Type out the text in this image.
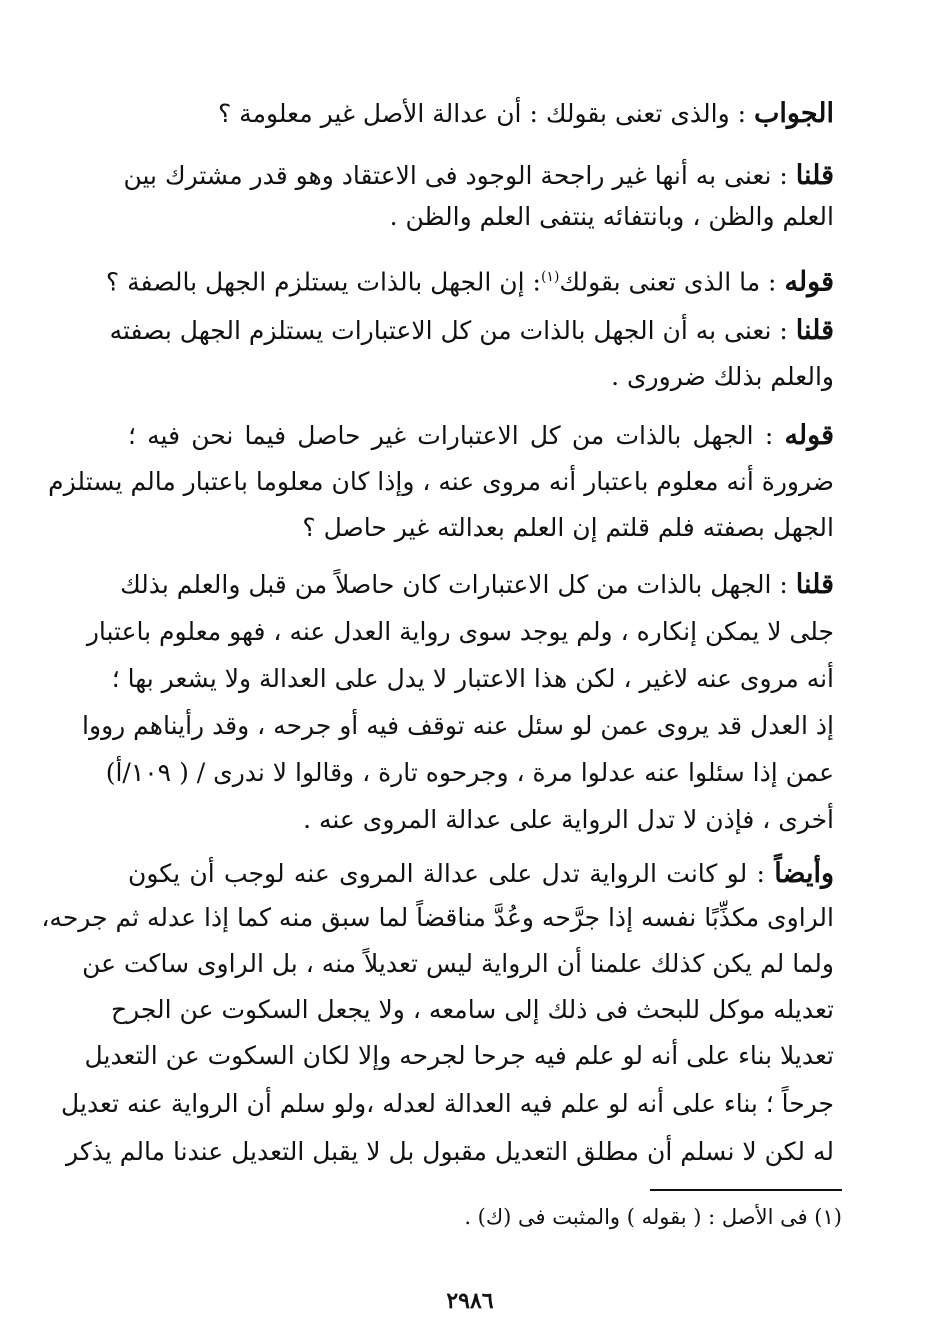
الجواب : والذى تعنى بقولك : أن عدالة الأصل غير معلومة ؟
قلنا : نعنى به أنها غير راجحة الوجود فى الاعتقاد وهو قدر مشترك بين
العلم والظن ، وبانتفائه ينتفى العلم والظن .
قوله : ما الذى تعنى بقولك$^{(١)}$: إن الجهل بالذات يستلزم الجهل بالصفة ؟
قلنا : نعنى به أن الجهل بالذات من كل الاعتبارات يستلزم الجهل بصفته
والعلم بذلك ضرورى .
قوله : الجهل بالذات من كل الاعتبارات غير حاصل فيما نحن فيه ؛
ضرورة أنه معلوم باعتبار أنه مروى عنه ، وإذا كان معلوما باعتبار مالم يستلزم
الجهل بصفته فلم قلتم إن العلم بعدالته غير حاصل ؟
قلنا : الجهل بالذات من كل الاعتبارات كان حاصلاً من قبل والعلم بذلك
جلى لا يمكن إنكاره ، ولم يوجد سوى رواية العدل عنه ، فهو معلوم باعتبار
أنه مروى عنه لاغير ، لكن هذا الاعتبار لا يدل على العدالة ولا يشعر بها ؛
إذ العدل قد يروى عمن لو سئل عنه توقف فيه أو جرحه ، وقد رأيناهم رووا
عمن إذا سئلوا عنه عدلوا مرة ، وجرحوه تارة ، وقالوا لا ندرى / ( ١٠٩/أ)
أخرى ، فإذن لا تدل الرواية على عدالة المروى عنه .
وأيضاً : لو كانت الرواية تدل على عدالة المروى عنه لوجب أن يكون
الراوى مكذِّبًا نفسه إذا جرَّحه وعُدَّ مناقضاً لما سبق منه كما إذا عدله ثم جرحه،
ولما لم يكن كذلك علمنا أن الرواية ليس تعديلاً منه ، بل الراوى ساكت عن
تعديله موكل للبحث فى ذلك إلى سامعه ، ولا يجعل السكوت عن الجرح
تعديلا بناء على أنه لو علم فيه جرحا لجرحه وإلا لكان السكوت عن التعديل
جرحاً ؛ بناء على أنه لو علم فيه العدالة لعدله ،ولو سلم أن الرواية عنه تعديل
له لكن لا نسلم أن مطلق التعديل مقبول بل لا يقبل التعديل عندنا مالم يذكر
(١) فى الأصل : ( بقوله ) والمثبت فى (ك) .
٢٩٨٦
